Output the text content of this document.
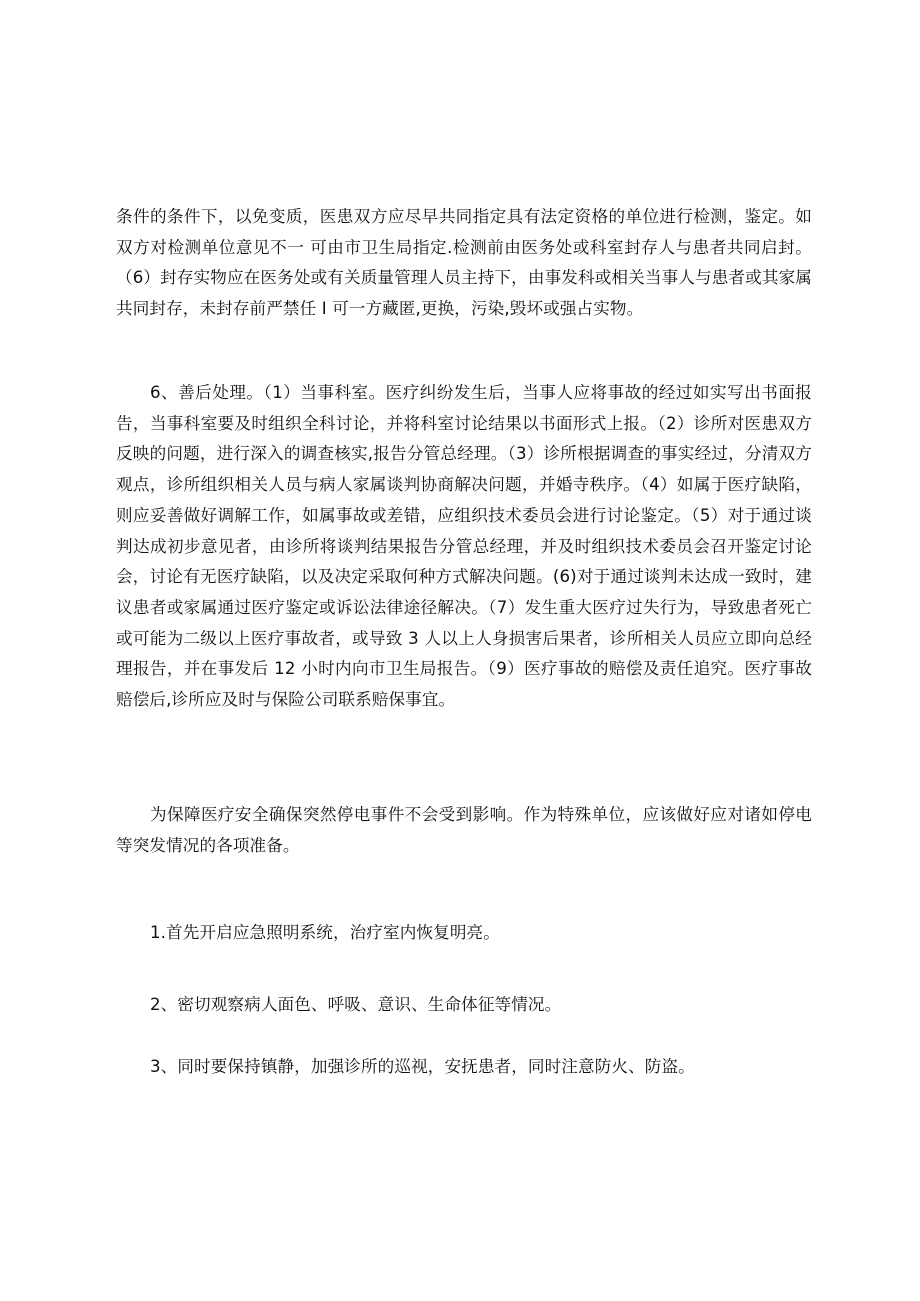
条件的条件下，以免变质，医患双方应尽早共同指定具有法定资格的单位进行检测，鉴定。如双方对检测单位意见不一 可由市卫生局指定.检测前由医务处或科室封存人与患者共同启封。（6）封存实物应在医务处或有关质量管理人员主持下，由事发科或相关当事人与患者或其家属共同封存，未封存前严禁任 I 可一方藏匿,更换，污染,毁坏或强占实物。

6、善后处理。（1）当事科室。医疗纠纷发生后，当事人应将事故的经过如实写出书面报告，当事科室要及时组织全科讨论，并将科室讨论结果以书面形式上报。（2）诊所对医患双方反映的问题，进行深入的调查核实,报告分管总经理。（3）诊所根据调查的事实经过，分清双方观点，诊所组织相关人员与病人家属谈判协商解决问题，并婚寺秩序。（4）如属于医疗缺陷，则应妥善做好调解工作，如属事故或差错，应组织技术委员会进行讨论鉴定。（5）对于通过谈判达成初步意见者，由诊所将谈判结果报告分管总经理，并及时组织技术委员会召开鉴定讨论会，讨论有无医疗缺陷，以及决定采取何种方式解决问题。(6)对于通过谈判未达成一致时，建议患者或家属通过医疗鉴定或诉讼法律途径解决。（7）发生重大医疗过失行为，导致患者死亡或可能为二级以上医疗事故者，或导致 3 人以上人身损害后果者，诊所相关人员应立即向总经理报告，并在事发后 12 小时内向市卫生局报告。（9）医疗事故的赔偿及责任追究。医疗事故赔偿后,诊所应及时与保险公司联系赔保事宜。

为保障医疗安全确保突然停电事件不会受到影响。作为特殊单位，应该做好应对诸如停电等突发情况的各项准备。

1.首先开启应急照明系统，治疗室内恢复明亮。

2、密切观察病人面色、呼吸、意识、生命体征等情况。

3、同时要保持镇静，加强诊所的巡视，安抚患者，同时注意防火、防盗。
